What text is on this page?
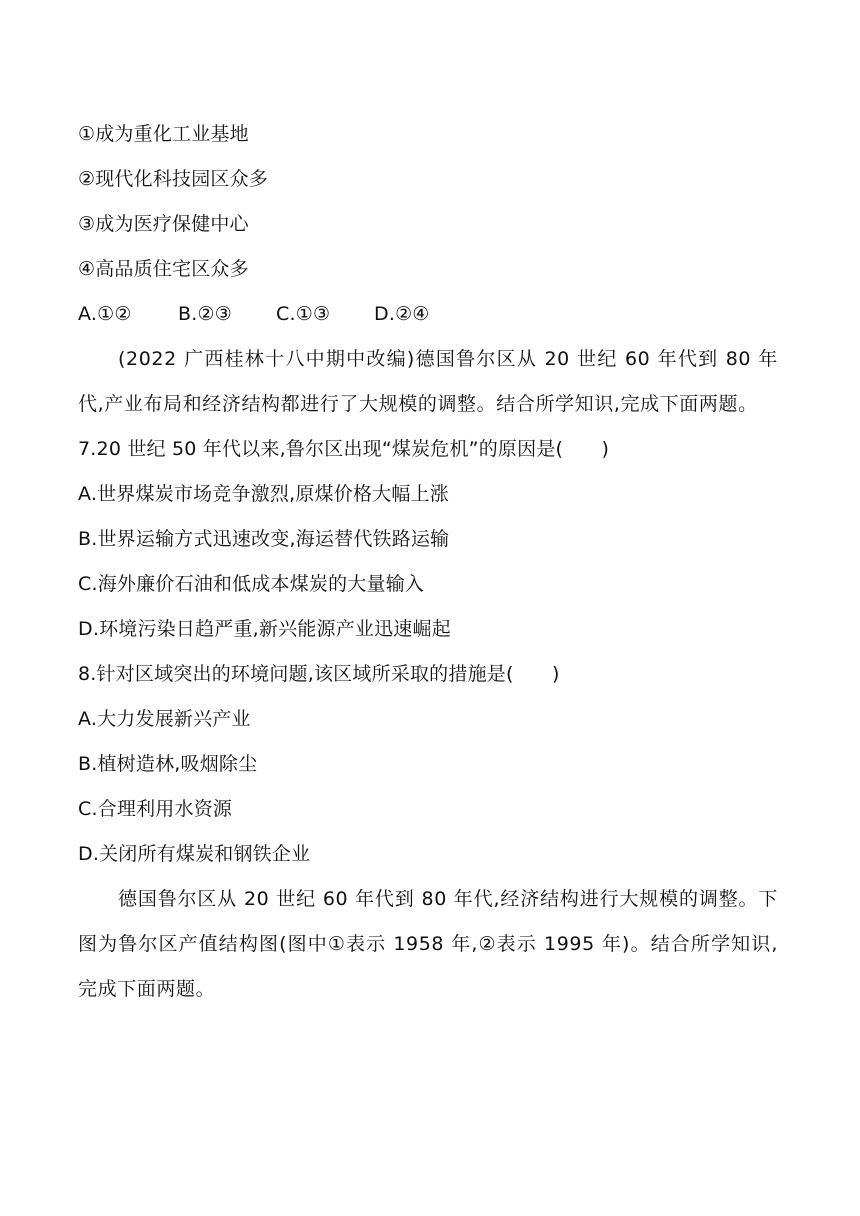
①成为重化工业基地
②现代化科技园区众多
③成为医疗保健中心
④高品质住宅区众多
A.①② B.②③ C.①③ D.②④

(2022 广西桂林十八中期中改编)德国鲁尔区从 20 世纪 60 年代到 80 年代,产业布局和经济结构都进行了大规模的调整。结合所学知识,完成下面两题。

7.20 世纪 50 年代以来,鲁尔区出现“煤炭危机”的原因是(　　)
A.世界煤炭市场竞争激烈,原煤价格大幅上涨
B.世界运输方式迅速改变,海运替代铁路运输
C.海外廉价石油和低成本煤炭的大量输入
D.环境污染日趋严重,新兴能源产业迅速崛起
8.针对区域突出的环境问题,该区域所采取的措施是(　　)
A.大力发展新兴产业
B.植树造林,吸烟除尘
C.合理利用水资源
D.关闭所有煤炭和钢铁企业

德国鲁尔区从 20 世纪 60 年代到 80 年代,经济结构进行大规模的调整。下图为鲁尔区产值结构图(图中①表示 1958 年,②表示 1995 年)。结合所学知识,完成下面两题。
